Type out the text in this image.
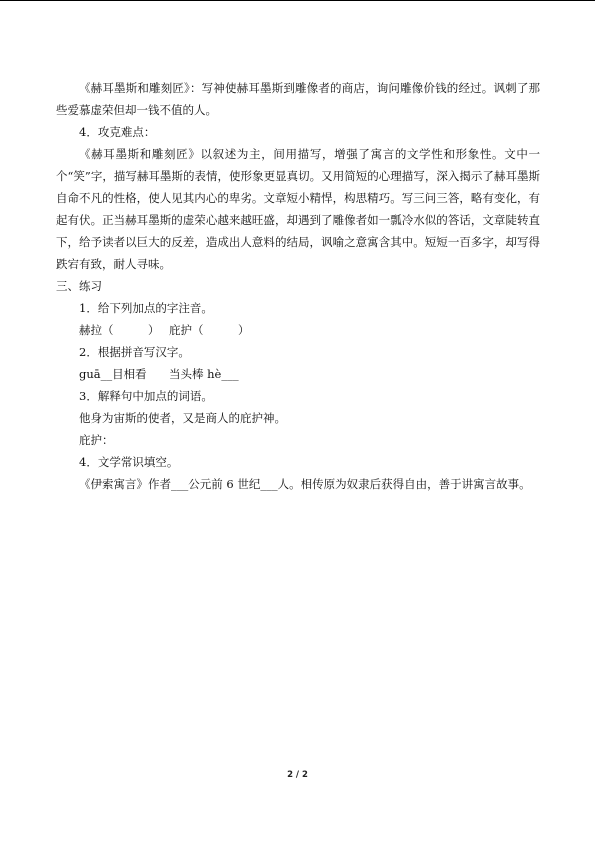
《赫耳墨斯和雕刻匠》：写神使赫耳墨斯到雕像者的商店，询问雕像价钱的经过。讽刺了那些爱慕虚荣但却一钱不值的人。

4．攻克难点：

《赫耳墨斯和雕刻匠》以叙述为主，间用描写，增强了寓言的文学性和形象性。文中一个“笑”字，描写赫耳墨斯的表情，使形象更显真切。又用简短的心理描写，深入揭示了赫耳墨斯自命不凡的性格，使人见其内心的卑劣。文章短小精悍，构思精巧。写三问三答，略有变化，有起有伏。正当赫耳墨斯的虚荣心越来越旺盛，却遇到了雕像者如一瓢冷水似的答话，文章陡转直下，给予读者以巨大的反差，造成出人意料的结局，讽喻之意寓含其中。短短一百多字，却写得跌宕有致，耐人寻味。

三、练习

1．给下列加点的字注音。

赫拉（　　　） 庇护（　　　）

2．根据拼音写汉字。

guā__目相看	当头棒 hè___

3．解释句中加点的词语。

他身为宙斯的使者，又是商人的庇护神。

庇护：

4．文学常识填空。

《伊索寓言》作者___公元前 6 世纪___人。相传原为奴隶后获得自由，善于讲寓言故事。

2 / 2
